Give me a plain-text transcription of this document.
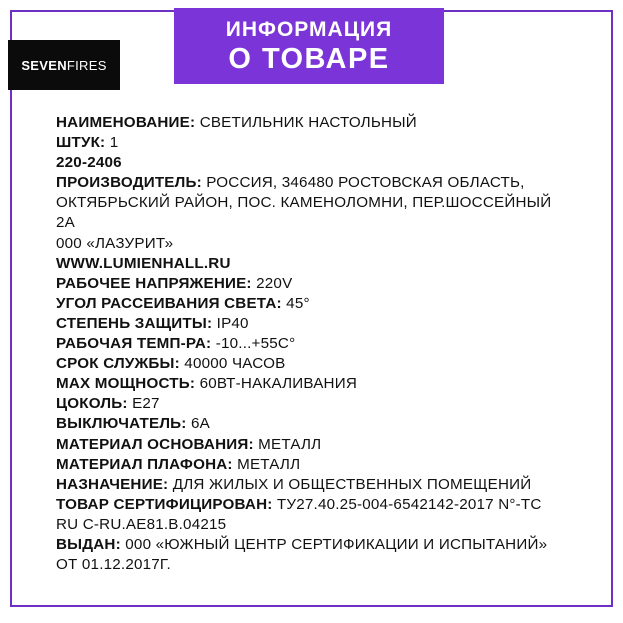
SEVEN FIRES
ИНФОРМАЦИЯ
О ТОВАРЕ

НАИМЕНОВАНИЕ: СВЕТИЛЬНИК НАСТОЛЬНЫЙ

ШТУК: 1

220-2406

ПРОИЗВОДИТЕЛЬ: РОССИЯ, 346480 РОСТОВСКАЯ ОБЛАСТЬ, ОКТЯБРЬСКИЙ РАЙОН, ПОС. КАМЕНОЛОМНИ, ПЕР.ШОССЕЙНЫЙ 2А

000 «ЛАЗУРИТ»

WWW.LUMIENHALL.RU

РАБОЧЕЕ НАПРЯЖЕНИЕ: 220V

УГОЛ РАССЕИВАНИЯ СВЕТА: 45°

СТЕПЕНЬ ЗАЩИТЫ: IP40

РАБОЧАЯ ТЕМП-РА: -10...+55С°

СРОК СЛУЖБЫ: 40000 ЧАСОВ

MAX МОЩНОСТЬ: 60ВТ-НАКАЛИВАНИЯ

ЦОКОЛЬ: Е27

ВЫКЛЮЧАТЕЛЬ: 6А

МАТЕРИАЛ ОСНОВАНИЯ: МЕТАЛЛ

МАТЕРИАЛ ПЛАФОНА: МЕТАЛЛ

НАЗНАЧЕНИЕ: ДЛЯ ЖИЛЫХ И ОБЩЕСТВЕННЫХ ПОМЕЩЕНИЙ

ТОВАР СЕРТИФИЦИРОВАН: ТУ27.40.25-004-6542142-2017 N°-TC RU C-RU.AE81.B.04215

ВЫДАН: 000 «ЮЖНЫЙ ЦЕНТР СЕРТИФИКАЦИИ И ИСПЫТАНИЙ» ОТ 01.12.2017Г.
